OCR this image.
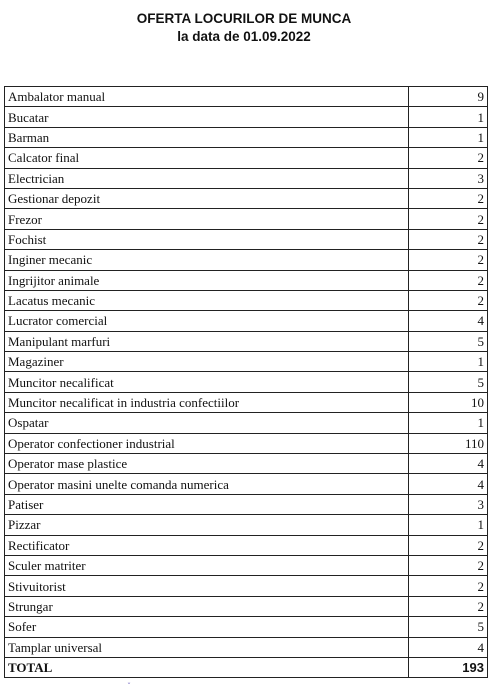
OFERTA LOCURILOR DE MUNCA
la data de 01.09.2022
Ambalator manual	9
Bucatar	1
Barman	1
Calcator final	2
Electrician	3
Gestionar depozit	2
Frezor	2
Fochist	2
Inginer mecanic	2
Ingrijitor animale	2
Lacatus mecanic	2
Lucrator comercial	4
Manipulant marfuri	5
Magaziner	1
Muncitor necalificat	5
Muncitor necalificat in industria confectiilor	10
Ospatar	1
Operator confectioner industrial	110
Operator mase plastice	4
Operator masini unelte comanda numerica	4
Patiser	3
Pizzar	1
Rectificator	2
Sculer matriter	2
Stivuitorist	2
Strungar	2
Sofer	5
Tamplar universal	4
TOTAL	193
ˇ
